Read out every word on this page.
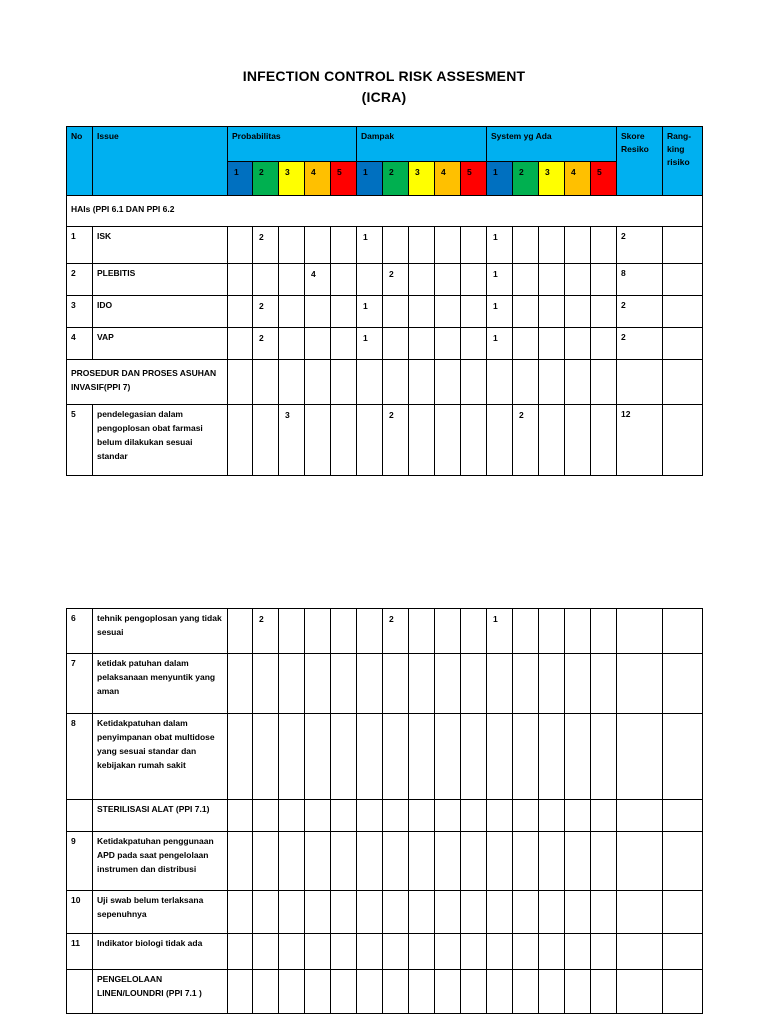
INFECTION CONTROL RISK ASSESMENT
(ICRA)
No	Issue	Probabilitas					Dampak					System yg Ada					Skore Resiko	Rang-king risiko

		1	2	3	4	5	1	2	3	4	5	1	2	3	4	5		

HAIs (PPI 6.1 DAN PPI 6.2																		

1	ISK		2				1					1					2	

2	PLEBITIS				4			2				1					8	

3	IDO		2				1					1					2	

4	VAP		2				1					1					2	

PROSEDUR DAN PROSES ASUHAN INVASIF(PPI 7)																		

5	pendelegasian dalam pengoplosan obat farmasi belum dilakukan sesuai standar			3				2					2				12	

6	tehnik pengoplosan yang tidak sesuai		2					2				1						

7	ketidak patuhan dalam pelaksanaan menyuntik yang aman																	

8	Ketidakpatuhan dalam penyimpanan obat multidose yang sesuai standar dan kebijakan rumah sakit																	

	STERILISASI ALAT (PPI 7.1)																	

9	Ketidakpatuhan penggunaan APD pada saat pengelolaan instrumen dan distribusi																	

10	Uji swab belum terlaksana sepenuhnya																	

11	Indikator biologi tidak ada																	

	PENGELOLAAN LINEN/LOUNDRI (PPI 7.1 )																	
